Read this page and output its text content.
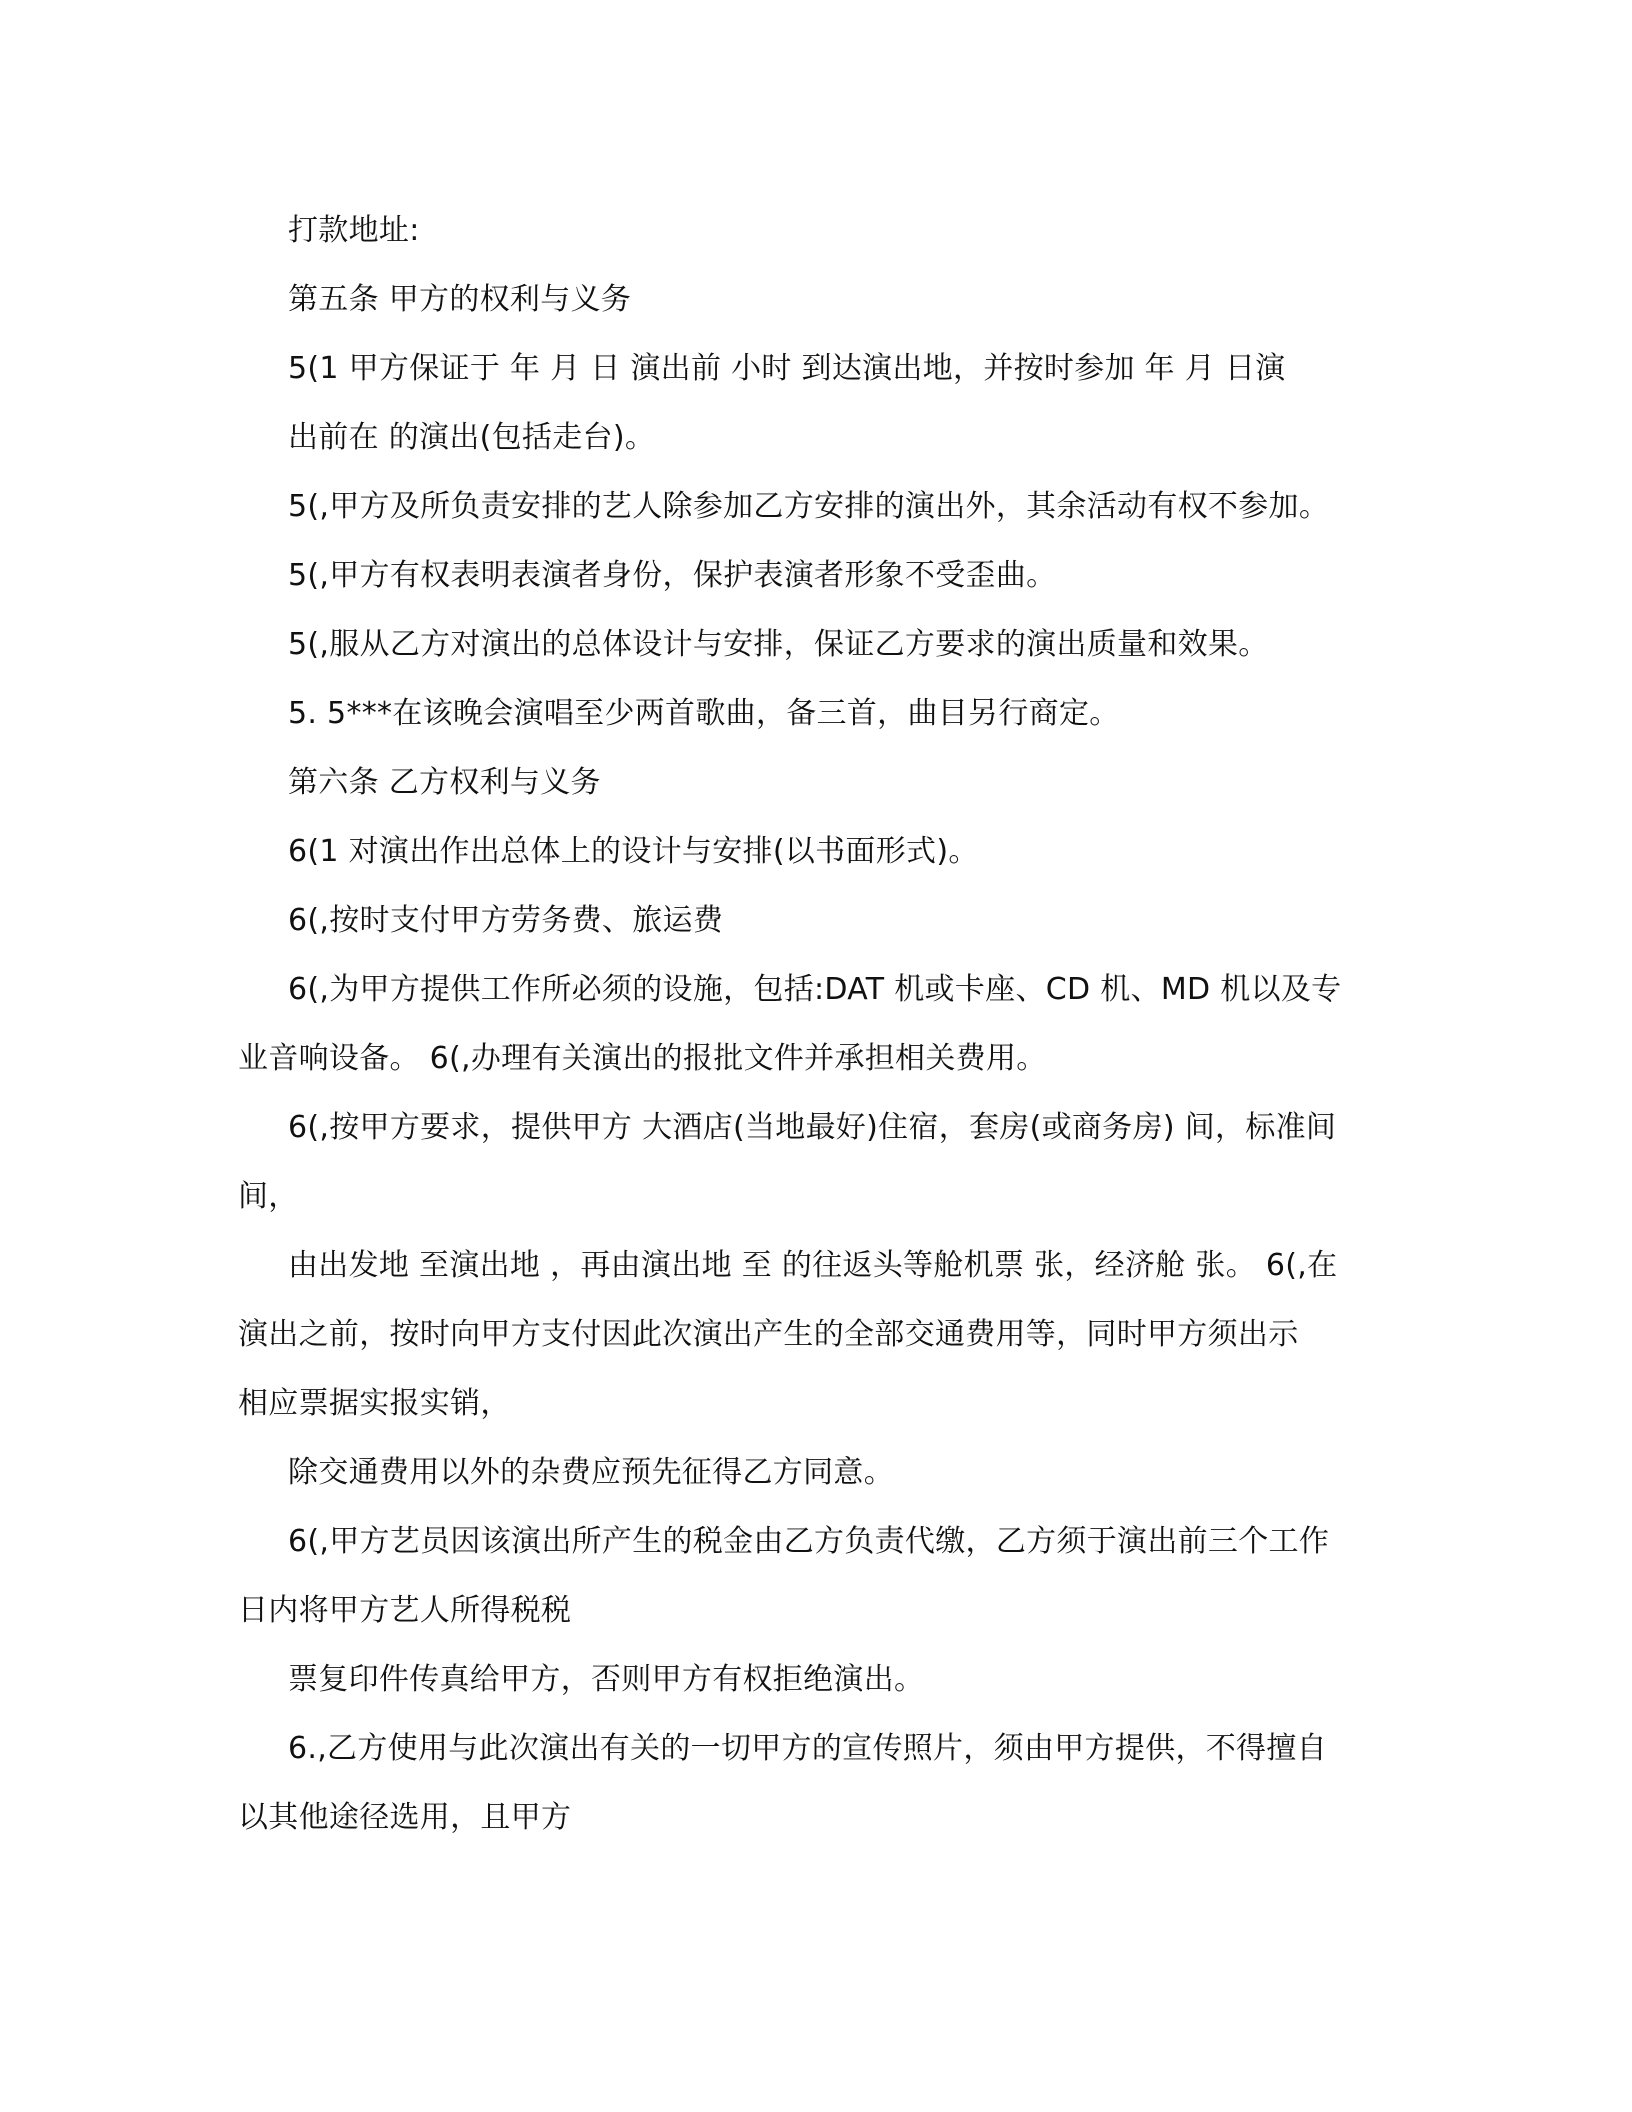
打款地址:
第五条 甲方的权利与义务
5(1 甲方保证于 年 月 日 演出前 小时 到达演出地，并按时参加 年 月 日演
出前在 的演出(包括走台)。
5(,甲方及所负责安排的艺人除参加乙方安排的演出外，其余活动有权不参加。
5(,甲方有权表明表演者身份，保护表演者形象不受歪曲。
5(,服从乙方对演出的总体设计与安排，保证乙方要求的演出质量和效果。
5. 5***在该晚会演唱至少两首歌曲，备三首，曲目另行商定。
第六条 乙方权利与义务
6(1 对演出作出总体上的设计与安排(以书面形式)。
6(,按时支付甲方劳务费、旅运费
6(,为甲方提供工作所必须的设施，包括:DAT 机或卡座、CD 机、MD 机以及专
业音响设备。 6(,办理有关演出的报批文件并承担相关费用。
6(,按甲方要求，提供甲方 大酒店(当地最好)住宿，套房(或商务房) 间，标准间
间，
由出发地 至演出地 ，再由演出地 至 的往返头等舱机票 张，经济舱 张。 6(,在
演出之前，按时向甲方支付因此次演出产生的全部交通费用等，同时甲方须出示
相应票据实报实销，
除交通费用以外的杂费应预先征得乙方同意。
6(,甲方艺员因该演出所产生的税金由乙方负责代缴，乙方须于演出前三个工作
日内将甲方艺人所得税税
票复印件传真给甲方，否则甲方有权拒绝演出。
6.,乙方使用与此次演出有关的一切甲方的宣传照片，须由甲方提供，不得擅自
以其他途径选用，且甲方
